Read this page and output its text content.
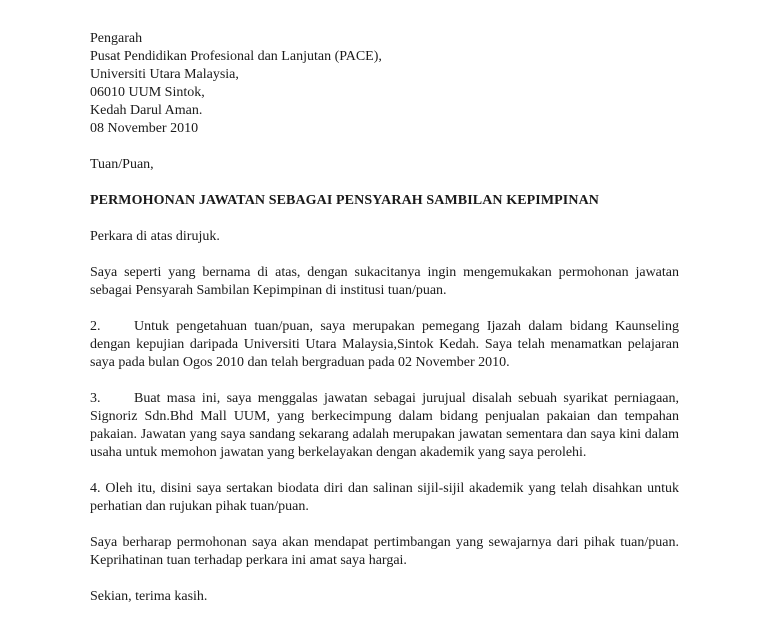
Pengarah
Pusat Pendidikan Profesional dan Lanjutan (PACE),
Universiti Utara Malaysia,
06010 UUM Sintok,
Kedah Darul Aman.
08 November 2010
Tuan/Puan,
PERMOHONAN JAWATAN SEBAGAI PENSYARAH SAMBILAN KEPIMPINAN
Perkara di atas dirujuk.

Saya seperti yang bernama di atas, dengan sukacitanya ingin mengemukakan permohonan jawatan sebagai Pensyarah Sambilan Kepimpinan di institusi tuan/puan.

2. Untuk pengetahuan tuan/puan, saya merupakan pemegang Ijazah dalam bidang Kaunseling dengan kepujian daripada Universiti Utara Malaysia,Sintok Kedah. Saya telah menamatkan pelajaran saya pada bulan Ogos 2010 dan telah bergraduan pada 02 November 2010.

3. Buat masa ini, saya menggalas jawatan sebagai jurujual disalah sebuah syarikat perniagaan, Signoriz Sdn.Bhd Mall UUM, yang berkecimpung dalam bidang penjualan pakaian dan tempahan pakaian. Jawatan yang saya sandang sekarang adalah merupakan jawatan sementara dan saya kini dalam usaha untuk memohon jawatan yang berkelayakan dengan akademik yang saya perolehi.

4. Oleh itu, disini saya sertakan biodata diri dan salinan sijil-sijil akademik yang telah disahkan untuk perhatian dan rujukan pihak tuan/puan.

Saya berharap permohonan saya akan mendapat pertimbangan yang sewajarnya dari pihak tuan/puan. Keprihatinan tuan terhadap perkara ini amat saya hargai.

Sekian, terima kasih.
